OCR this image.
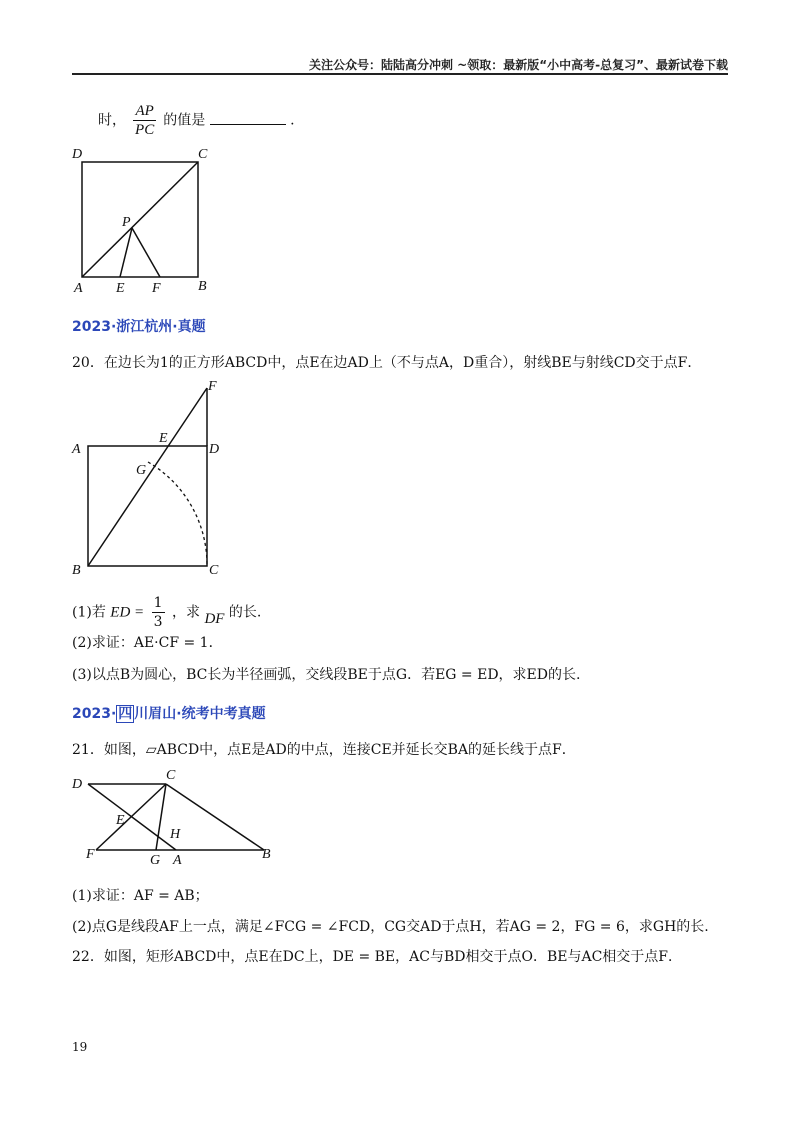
关注公众号：陆陆高分冲刺 ~领取：最新版“小中高考-总复习”、最新试卷下载
时， $\frac{AP}{PC}$ 的值是	.
D	C
P
A E F	B
2023·浙江杭州·真题
20．在边长为1的正方形ABCD中，点E在边AD上（不与点A，D重合），射线BE与射线CD交于点F．
F
A
E
D
G
B	C
(1)若 ED = $\frac{1}{3}$ ，求 DF 的长.
(2)求证：AE·CF = 1．
(3)以点B为圆心，BC长为半径画弧，交线段BE于点G．若EG = ED，求ED的长.
2023· 四 川眉山·统考中考真题
21．如图，▱ABCD中，点E是AD的中点，连接CE并延长交BA的延长线于点F．
D
C
E
H
F	G A	B
(1)求证：AF = AB；
(2)点G是线段AF上一点，满足∠FCG = ∠FCD，CG交AD于点H，若AG = 2，FG = 6，求GH的长.
22．如图，矩形ABCD中，点E在DC上，DE = BE，AC与BD相交于点O．BE与AC相交于点F．
19
